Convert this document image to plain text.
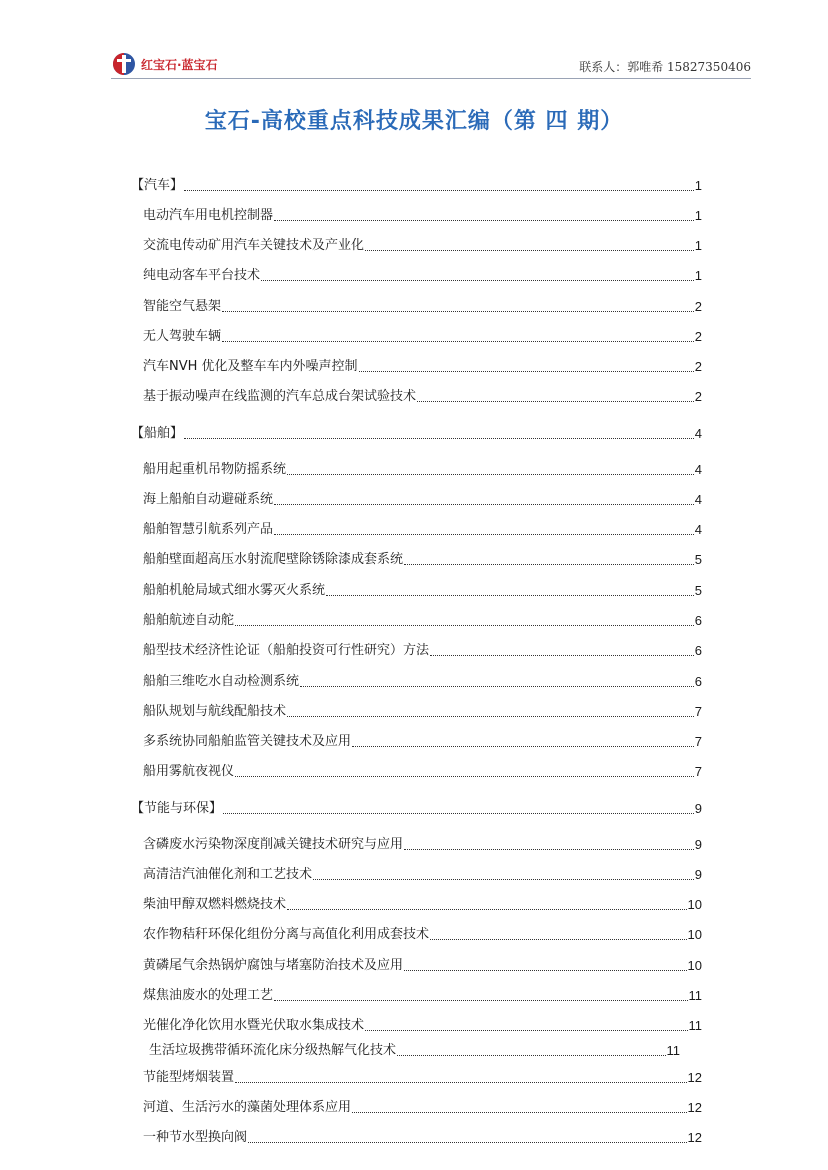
红宝石·蓝宝石	联系人：郭唯希 15827350406
宝石-高校重点科技成果汇编（第 四 期）
【汽车】	1
电动汽车用电机控制器	1
交流电传动矿用汽车关键技术及产业化	1
纯电动客车平台技术	1
智能空气悬架	2
无人驾驶车辆	2
汽车NVH 优化及整车车内外噪声控制	2
基于振动噪声在线监测的汽车总成台架试验技术	2
【船舶】	4
船用起重机吊物防摇系统	4
海上船舶自动避碰系统	4
船舶智慧引航系列产品	4
船舶壁面超高压水射流爬壁除锈除漆成套系统	5
船舶机舱局域式细水雾灭火系统	5
船舶航迹自动舵	6
船型技术经济性论证（船舶投资可行性研究）方法	6
船舶三维吃水自动检测系统	6
船队规划与航线配船技术	7
多系统协同船舶监管关键技术及应用	7
船用雾航夜视仪	7
【节能与环保】	9
含磷废水污染物深度削减关键技术研究与应用	9
高清洁汽油催化剂和工艺技术	9
柴油甲醇双燃料燃烧技术	10
农作物秸秆环保化组份分离与高值化利用成套技术	10
黄磷尾气余热锅炉腐蚀与堵塞防治技术及应用	10
煤焦油废水的处理工艺	11
光催化净化饮用水暨光伏取水集成技术	11
生活垃圾携带循环流化床分级热解气化技术	11
节能型烤烟装置	12
河道、生活污水的藻菌处理体系应用	12
一种节水型换向阀	12
